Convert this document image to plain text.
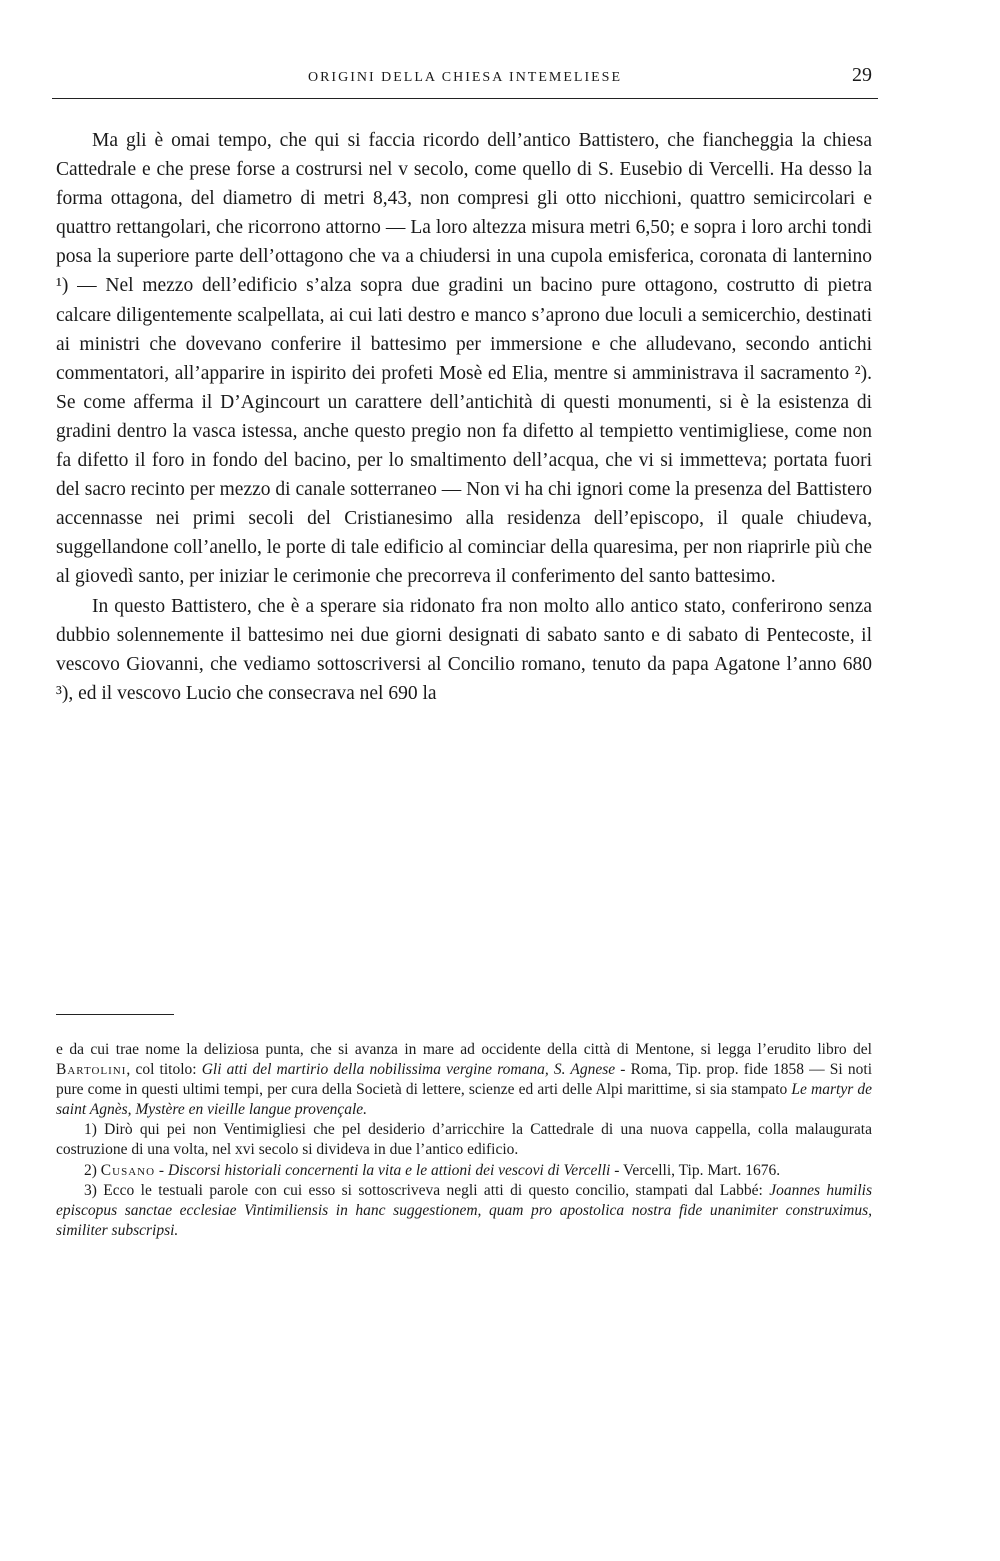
ORIGINI DELLA CHIESA INTEMELIESE	29

Ma gli è omai tempo, che qui si faccia ricordo dell’antico Battistero, che fiancheggia la chiesa Cattedrale e che prese forse a costrursi nel v secolo, come quello di S. Eusebio di Vercelli. Ha desso la forma ottagona, del diametro di metri 8,43, non compresi gli otto nicchioni, quattro semicircolari e quattro rettangolari, che ricorrono attorno — La loro altezza misura metri 6,50; e sopra i loro archi tondi posa la superiore parte dell’ottagono che va a chiudersi in una cupola emisferica, coronata di lanternino ¹) — Nel mezzo dell’edificio s’alza sopra due gradini un bacino pure ottagono, costrutto di pietra calcare diligentemente scalpellata, ai cui lati destro e manco s’aprono due loculi a semicerchio, destinati ai ministri che dovevano conferire il battesimo per immersione e che alludevano, secondo antichi commentatori, all’apparire in ispirito dei profeti Mosè ed Elia, mentre si amministrava il sacramento ²). Se come afferma il D’Agincourt un carattere dell’antichità di questi monumenti, si è la esistenza di gradini dentro la vasca istessa, anche questo pregio non fa difetto al tempietto ventimigliese, come non fa difetto il foro in fondo del bacino, per lo smaltimento dell’acqua, che vi si immetteva; portata fuori del sacro recinto per mezzo di canale sotterraneo — Non vi ha chi ignori come la presenza del Battistero accennasse nei primi secoli del Cristianesimo alla residenza dell’episcopo, il quale chiudeva, suggellandone coll’anello, le porte di tale edificio al cominciar della quaresima, per non riaprirle più che al giovedì santo, per iniziar le cerimonie che precorreva il conferimento del santo battesimo.

In questo Battistero, che è a sperare sia ridonato fra non molto allo antico stato, conferirono senza dubbio solennemente il battesimo nei due giorni designati di sabato santo e di sabato di Pentecoste, il vescovo Giovanni, che vediamo sottoscriversi al Concilio romano, tenuto da papa Agatone l’anno 680 ³), ed il vescovo Lucio che consecrava nel 690 la

e da cui trae nome la deliziosa punta, che si avanza in mare ad occidente della città di Mentone, si legga l’erudito libro del Bartolini, col titolo: Gli atti del martirio della nobilissima vergine romana, S. Agnese - Roma, Tip. prop. fide 1858 — Si noti pure come in questi ultimi tempi, per cura della Società di lettere, scienze ed arti delle Alpi marittime, si sia stampato Le martyr de saint Agnès, Mystère en vieille langue provençale.

1) Dirò qui pei non Ventimigliesi che pel desiderio d’arricchire la Cattedrale di una nuova cappella, colla malaugurata costruzione di una volta, nel xvi secolo si divideva in due l’antico edificio.

2) Cusano - Discorsi historiali concernenti la vita e le attioni dei vescovi di Vercelli - Vercelli, Tip. Mart. 1676.

3) Ecco le testuali parole con cui esso si sottoscriveva negli atti di questo concilio, stampati dal Labbé: Joannes humilis episcopus sanctae ecclesiae Vintimiliensis in hanc suggestionem, quam pro apostolica nostra fide unanimiter construximus, similiter subscripsi.
